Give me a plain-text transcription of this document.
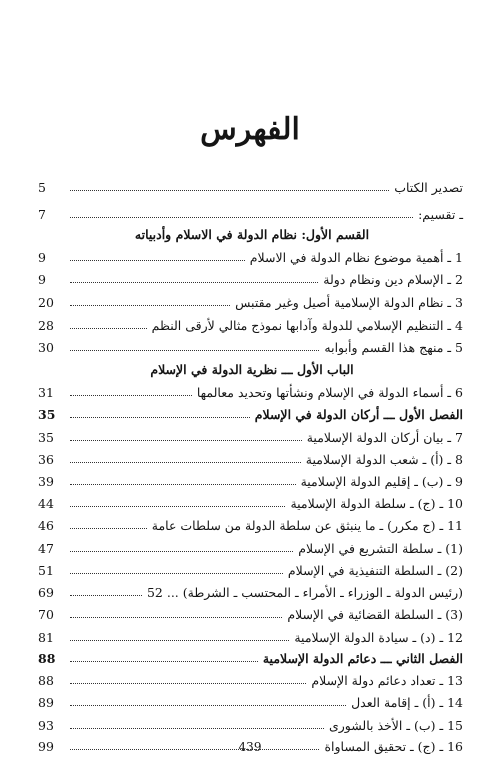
الفهرس
تصدير الكتاب
5
ـ تقسيم:
7
القسم الأول: نظام الدولة في الاسلام وأدبياته
1 ـ أهمية موضوع نظام الدولة في الاسلام
9
2 ـ الإسلام دين ونظام دولة
9
3 ـ نظام الدولة الإسلامية أصيل وغير مقتبس
20
4 ـ التنظيم الإسلامي للدولة وآدابها نموذج مثالي لأرقى النظم
28
5 ـ منهج هذا القسم وأبوابه
30
الباب الأول ـــ نظرية الدولة في الإسلام
6 ـ أسماء الدولة في الإسلام ونشأتها وتحديد معالمها
31
الفصل الأول ـــ أركان الدولة في الإسلام
35
7 ـ بيان أركان الدولة الإسلامية
35
8 ـ (أ) ـ شعب الدولة الإسلامية
36
9 ـ (ب) ـ إقليم الدولة الإسلامية
39
10 ـ (ج) ـ سلطة الدولة الإسلامية
44
11 ـ (ج مكرر) ـ ما ينبثق عن سلطة الدولة من سلطات عامة
46
(1) ـ سلطة التشريع في الإسلام
47
(2) ـ السلطة التنفيذية في الإسلام
51
(رئيس الدولة ـ الوزراء ـ الأمراء ـ المحتسب ـ الشرطة) ... 52
69
(3) ـ السلطة القضائية في الإسلام
70
12 ـ (د) ـ سيادة الدولة الإسلامية
81
الفصل الثاني ـــ دعائم الدولة الإسلامية
88
13 ـ تعداد دعائم دولة الإسلام
88
14 ـ (أ) ـ إقامة العدل
89
15 ـ (ب) ـ الأخذ بالشورى
93
16 ـ (ج) ـ تحقيق المساواة
99	439
